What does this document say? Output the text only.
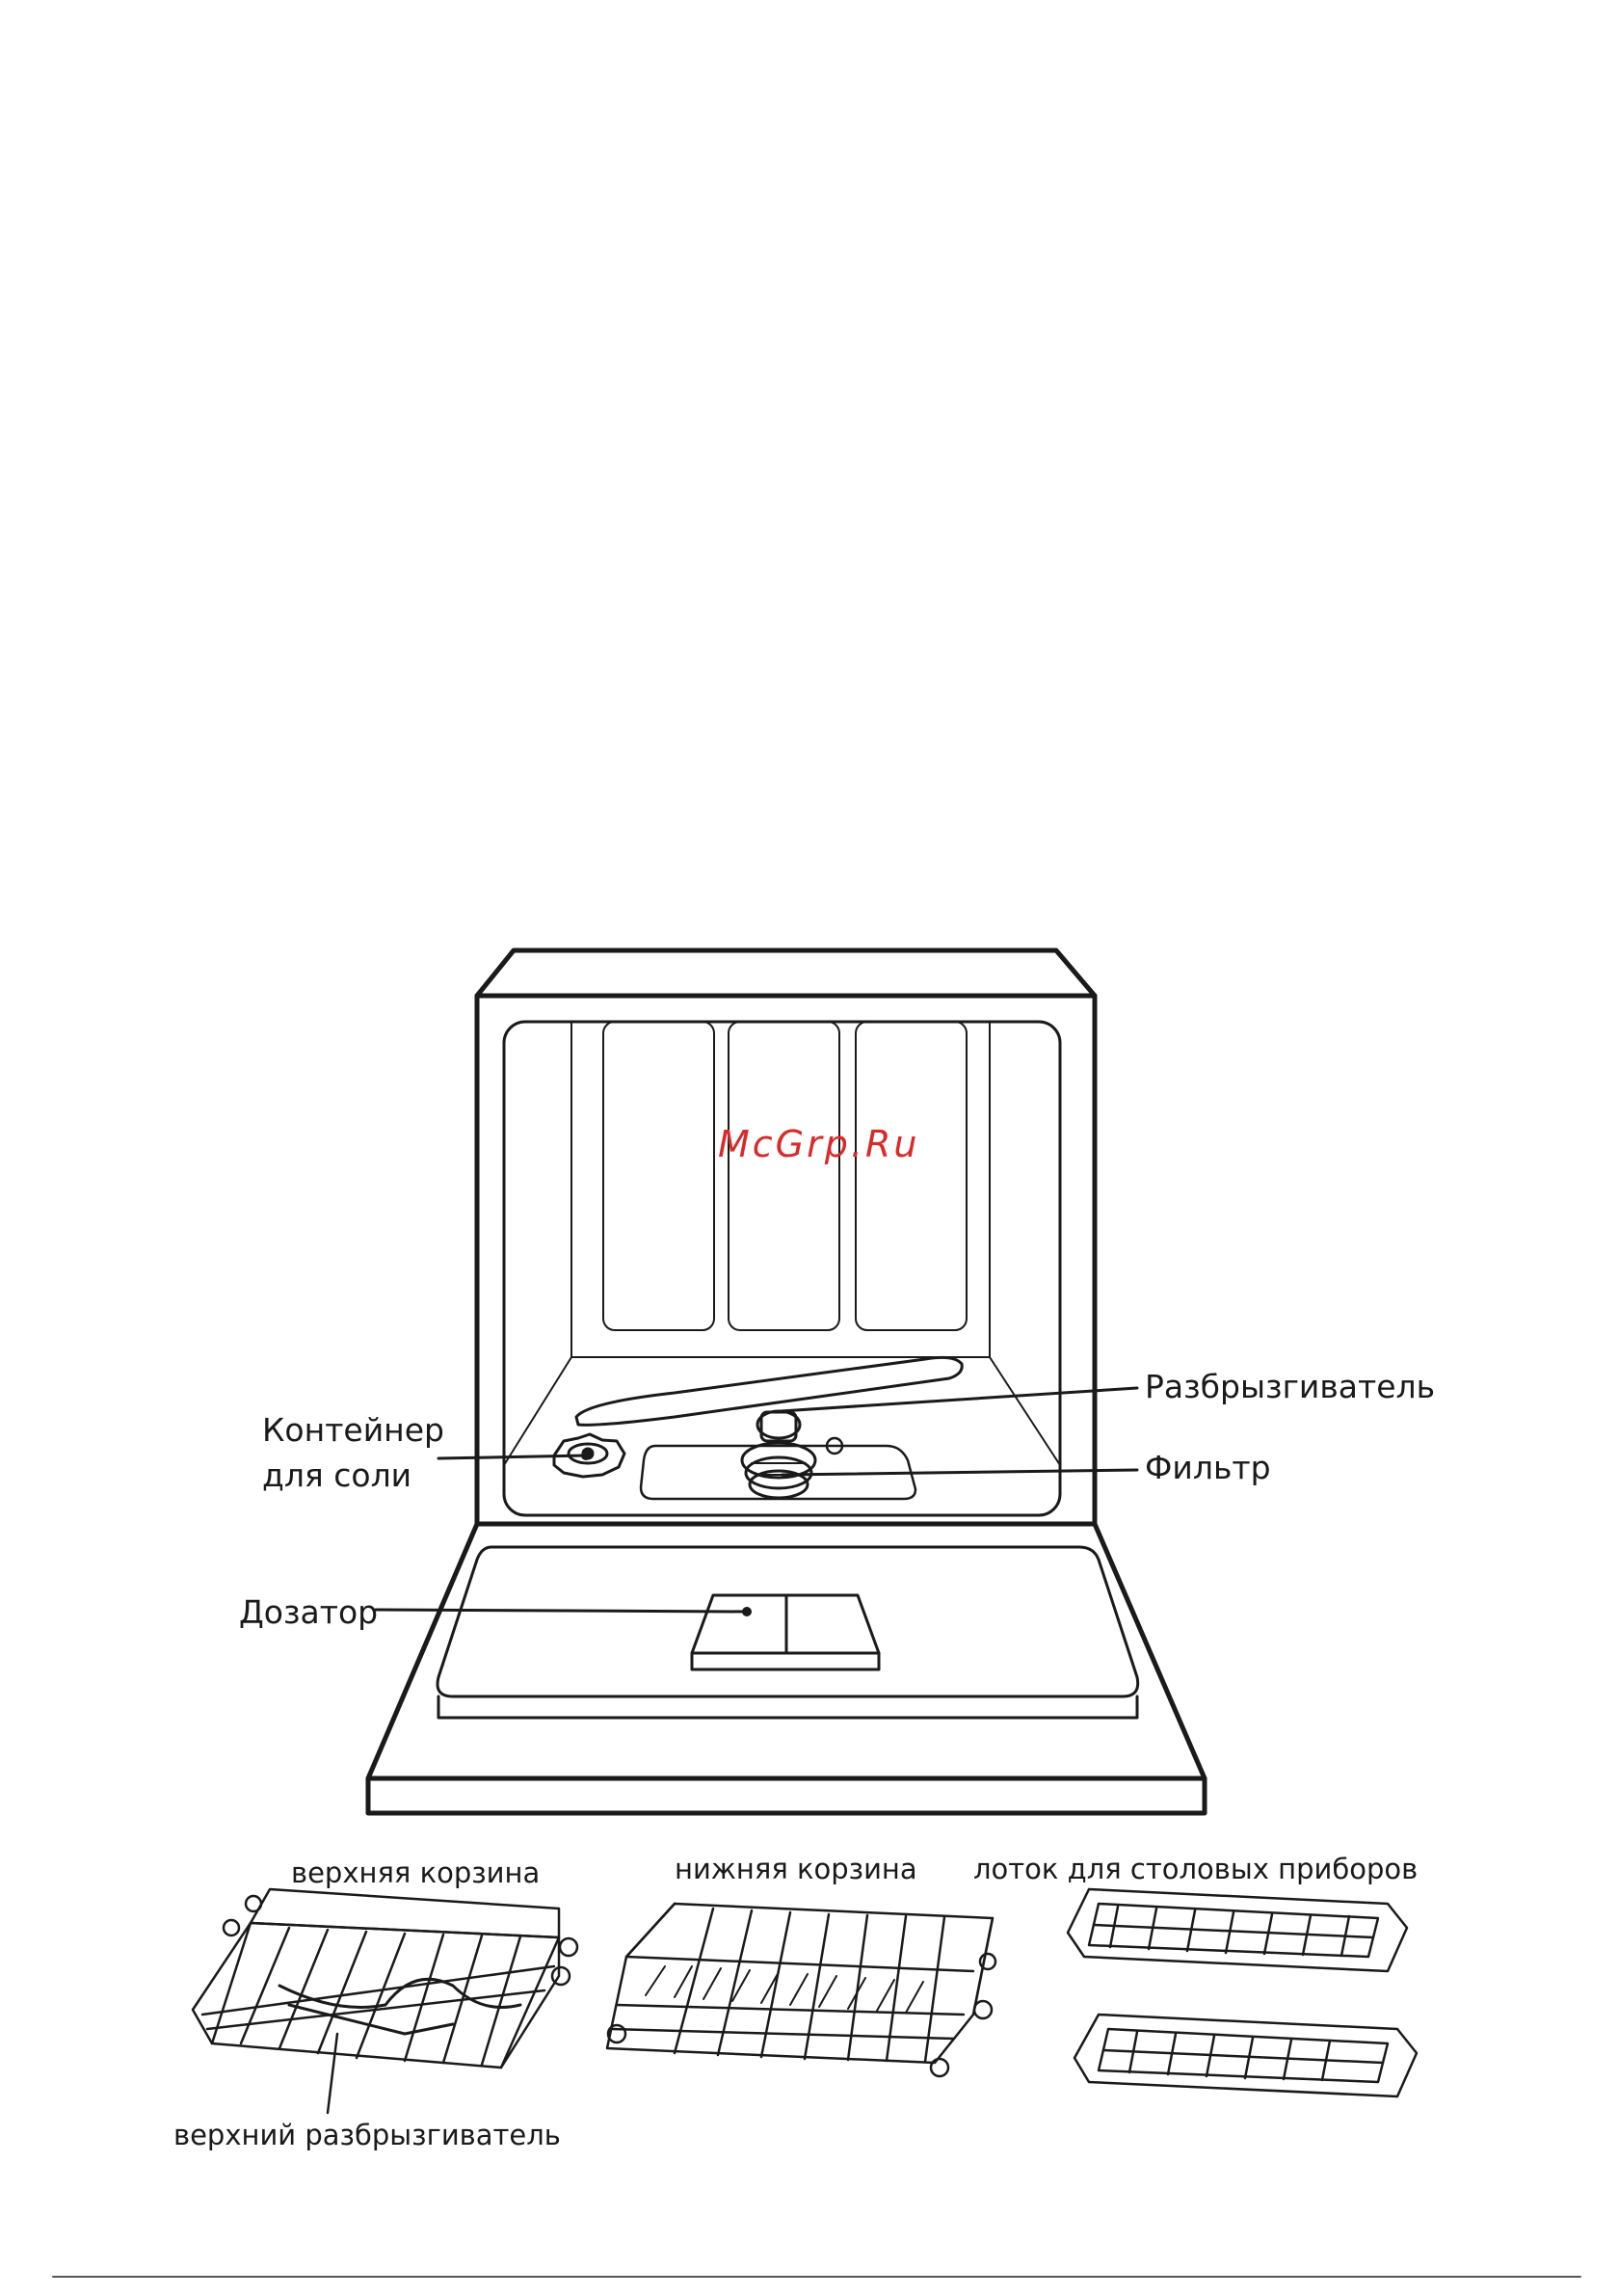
McGrp.Ru
Разбрызгиватель
Фильтр
Контейнер
для соли
Дозатор
верхняя корзина	нижняя корзина лоток для столовых приборов
верхний разбрызгиватель
